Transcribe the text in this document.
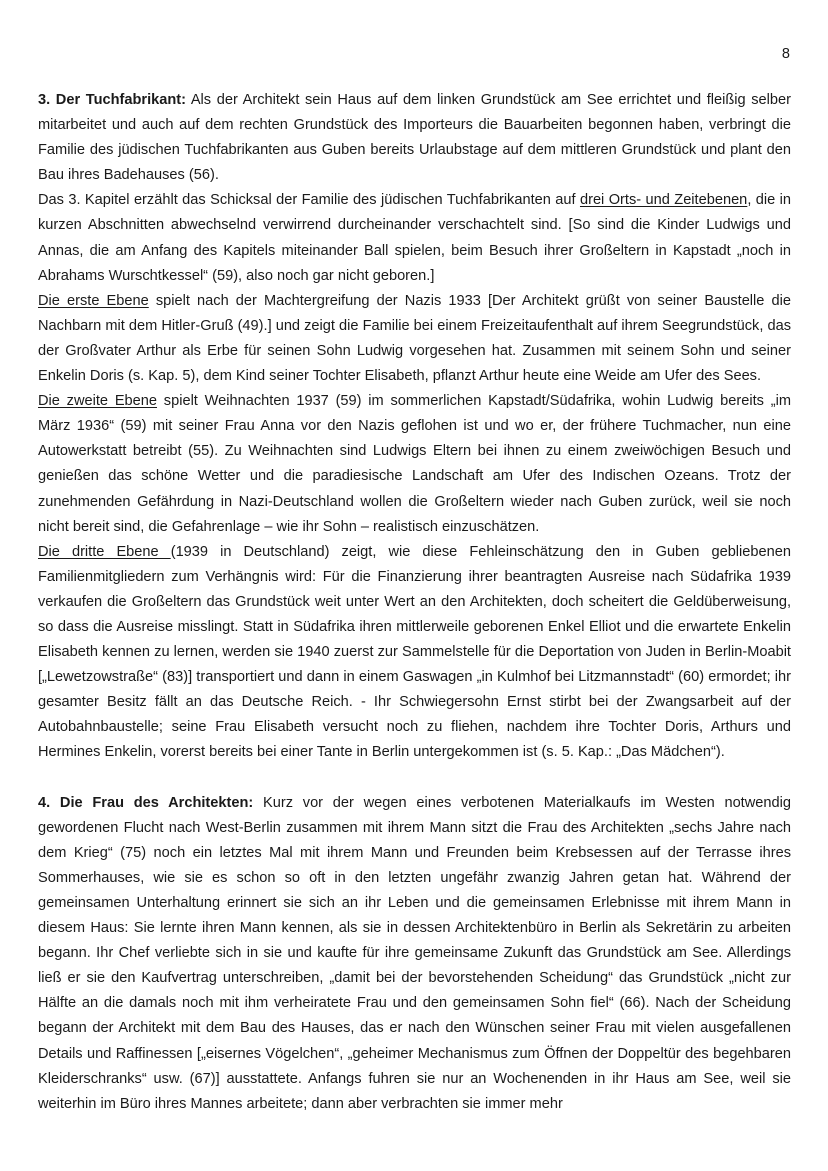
8

3. Der Tuchfabrikant: Als der Architekt sein Haus auf dem linken Grundstück am See errichtet und fleißig selber mitarbeitet und auch auf dem rechten Grundstück des Importeurs die Bauarbeiten begonnen haben, verbringt die Familie des jüdischen Tuchfabrikanten aus Guben bereits Urlaubstage auf dem mittleren Grundstück und plant den Bau ihres Badehauses (56).

Das 3. Kapitel erzählt das Schicksal der Familie des jüdischen Tuchfabrikanten auf drei Orts- und Zeitebenen, die in kurzen Abschnitten abwechselnd verwirrend durcheinander verschachtelt sind. [So sind die Kinder Ludwigs und Annas, die am Anfang des Kapitels miteinander Ball spielen, beim Besuch ihrer Großeltern in Kapstadt „noch in Abrahams Wurschtkessel“ (59), also noch gar nicht geboren.]

Die erste Ebene spielt nach der Machtergreifung der Nazis 1933 [Der Architekt grüßt von seiner Baustelle die Nachbarn mit dem Hitler-Gruß (49).] und zeigt die Familie bei einem Freizeitaufenthalt auf ihrem Seegrundstück, das der Großvater Arthur als Erbe für seinen Sohn Ludwig vorgesehen hat. Zusammen mit seinem Sohn und seiner Enkelin Doris (s. Kap. 5), dem Kind seiner Tochter Elisabeth, pflanzt Arthur heute eine Weide am Ufer des Sees.

Die zweite Ebene spielt Weihnachten 1937 (59) im sommerlichen Kapstadt/Südafrika, wohin Ludwig bereits „im März 1936“ (59) mit seiner Frau Anna vor den Nazis geflohen ist und wo er, der frühere Tuchmacher, nun eine Autowerkstatt betreibt (55). Zu Weihnachten sind Ludwigs Eltern bei ihnen zu einem zweiwöchigen Besuch und genießen das schöne Wetter und die paradiesische Landschaft am Ufer des Indischen Ozeans. Trotz der zunehmenden Gefährdung in Nazi-Deutschland wollen die Großeltern wieder nach Guben zurück, weil sie noch nicht bereit sind, die Gefahrenlage – wie ihr Sohn – realistisch einzuschätzen.

Die dritte Ebene (1939 in Deutschland) zeigt, wie diese Fehleinschätzung den in Guben gebliebenen Familienmitgliedern zum Verhängnis wird: Für die Finanzierung ihrer beantragten Ausreise nach Südafrika 1939 verkaufen die Großeltern das Grundstück weit unter Wert an den Architekten, doch scheitert die Geldüberweisung, so dass die Ausreise misslingt. Statt in Südafrika ihren mittlerweile geborenen Enkel Elliot und die erwartete Enkelin Elisabeth kennen zu lernen, werden sie 1940 zuerst zur Sammelstelle für die Deportation von Juden in Berlin-Moabit [„Lewetzowstraße“ (83)] transportiert und dann in einem Gaswagen „in Kulmhof bei Litzmannstadt“ (60) ermordet; ihr gesamter Besitz fällt an das Deutsche Reich. - Ihr Schwiegersohn Ernst stirbt bei der Zwangsarbeit auf der Autobahnbaustelle; seine Frau Elisabeth versucht noch zu fliehen, nachdem ihre Tochter Doris, Arthurs und Hermines Enkelin, vorerst bereits bei einer Tante in Berlin untergekommen ist (s. 5. Kap.: „Das Mädchen“).

4. Die Frau des Architekten: Kurz vor der wegen eines verbotenen Materialkaufs im Westen notwendig gewordenen Flucht nach West-Berlin zusammen mit ihrem Mann sitzt die Frau des Architekten „sechs Jahre nach dem Krieg“ (75) noch ein letztes Mal mit ihrem Mann und Freunden beim Krebsessen auf der Terrasse ihres Sommerhauses, wie sie es schon so oft in den letzten ungefähr zwanzig Jahren getan hat. Während der gemeinsamen Unterhaltung erinnert sie sich an ihr Leben und die gemeinsamen Erlebnisse mit ihrem Mann in diesem Haus: Sie lernte ihren Mann kennen, als sie in dessen Architektenbüro in Berlin als Sekretärin zu arbeiten begann. Ihr Chef verliebte sich in sie und kaufte für ihre gemeinsame Zukunft das Grundstück am See. Allerdings ließ er sie den Kaufvertrag unterschreiben, „damit bei der bevorstehenden Scheidung“ das Grundstück „nicht zur Hälfte an die damals noch mit ihm verheiratete Frau und den gemeinsamen Sohn fiel“ (66). Nach der Scheidung begann der Architekt mit dem Bau des Hauses, das er nach den Wünschen seiner Frau mit vielen ausgefallenen Details und Raffinessen [„eisernes Vögelchen“, „geheimer Mechanismus zum Öffnen der Doppeltür des begehbaren Kleiderschranks“ usw. (67)] ausstattete. Anfangs fuhren sie nur an Wochenenden in ihr Haus am See, weil sie weiterhin im Büro ihres Mannes arbeitete; dann aber verbrachten sie immer mehr
